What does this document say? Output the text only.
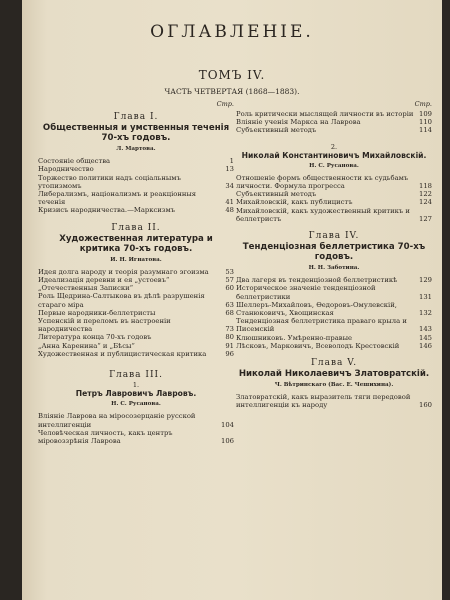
ОГЛАВЛЕНІЕ.
ТОМЪ IV.
ЧАСТЬ ЧЕТВЕРТАЯ (1868—1883).
Стр.
Глава I.
Общественныя и умственныя теченія 70-хъ годовъ.
Л. Мартова.
Состояніе общества	1
Народничество	13
Торжество политики надъ соціальнымъ утопизмомъ	34
Либерализмъ, націонализмъ и реакціонныя теченія	41
Кризисъ народничества.—Марксизмъ	48
Глава II.
Художественная литература и критика 70-хъ годовъ.
И. Н. Игнатова.
Идея долга народу и теорія разумнаго эгоизма	53
Идеализація деревни и ея „устоевъ“	57
„Отечественныя Записки“	60
Роль Щедрина-Салтыкова въ дѣлѣ разрушенія стараго міра	63
Первые народники-беллетристы	68
Успенскій и переломъ въ настроеніи народничества	73
Литература конца 70-хъ годовъ	80
„Анна Каренина“ и „Бѣсы“	91
Художественная и публицистическая критика	96
Глава III.
1.
Петръ Лавровичъ Лавровъ.
Н. С. Русанова.
Вліяніе Лаврова на міросозерцаніе русской интеллигенціи	104
Человѣческая личность, какъ центръ міровоззрѣнія Лаврова	106
Стр.
Роль критически мыслящей личности въ исторіи 109
Вліяніе ученія Маркса на Лаврова	110
Субъективный методъ	114
2.
Николай Константиновичъ Михайловскій.
Н. С. Русанова.
Отношеніе формъ общественности къ судьбамъ личности. Формула прогресса	118
Субъективный методъ	122
Михайловскій, какъ публицистъ	124
Михайловскій, какъ художественный критикъ и беллетристъ	127
Глава IV.
Тенденціозная беллетристика 70-хъ годовъ.
Н. Н. Заботина.
Два лагеря въ тенденціозной беллетристикѣ	129
Историческое значеніе тенденціозной беллетристики	131
Шеллеръ-Михайловъ, Ѳедоровъ-Омулевскій, Станюковичъ, Хвощинская	132
Тенденціозная беллетристика праваго крыла и Писемскій	143
Клюшниковъ. Умѣренно-правые	145
Лѣсковъ, Марковичъ, Всеволодъ Крестовскій	146
Глава V.
Николай Николаевичъ Златовратскій.
Ч. Вѣтринскаго (Вас. Е. Чешихина).
Златовратскій, какъ выразитель тяги передовой интеллигенціи къ народу	160
